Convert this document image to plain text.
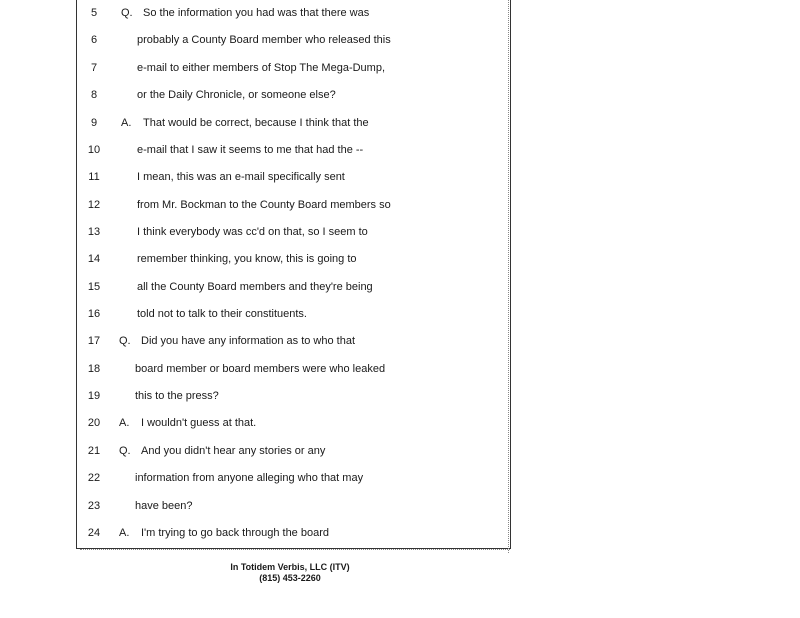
5	Q. So the information you had was that there was
6	probably a County Board member who released this
7	e-mail to either members of Stop The Mega-Dump,
8	or the Daily Chronicle, or someone else?
9	A. That would be correct, because I think that the
10	e-mail that I saw it seems to me that had the --
11	I mean, this was an e-mail specifically sent
12	from Mr. Bockman to the County Board members so
13	I think everybody was cc'd on that, so I seem to
14	remember thinking, you know, this is going to
15	all the County Board members and they're being
16	told not to talk to their constituents.
17	Q. Did you have any information as to who that
18	board member or board members were who leaked
19	this to the press?
20	A. I wouldn't guess at that.
21	Q. And you didn't hear any stories or any
22	information from anyone alleging who that may
23	have been?
24	A. I'm trying to go back through the board
In Totidem Verbis, LLC (ITV)
(815) 453-2260
